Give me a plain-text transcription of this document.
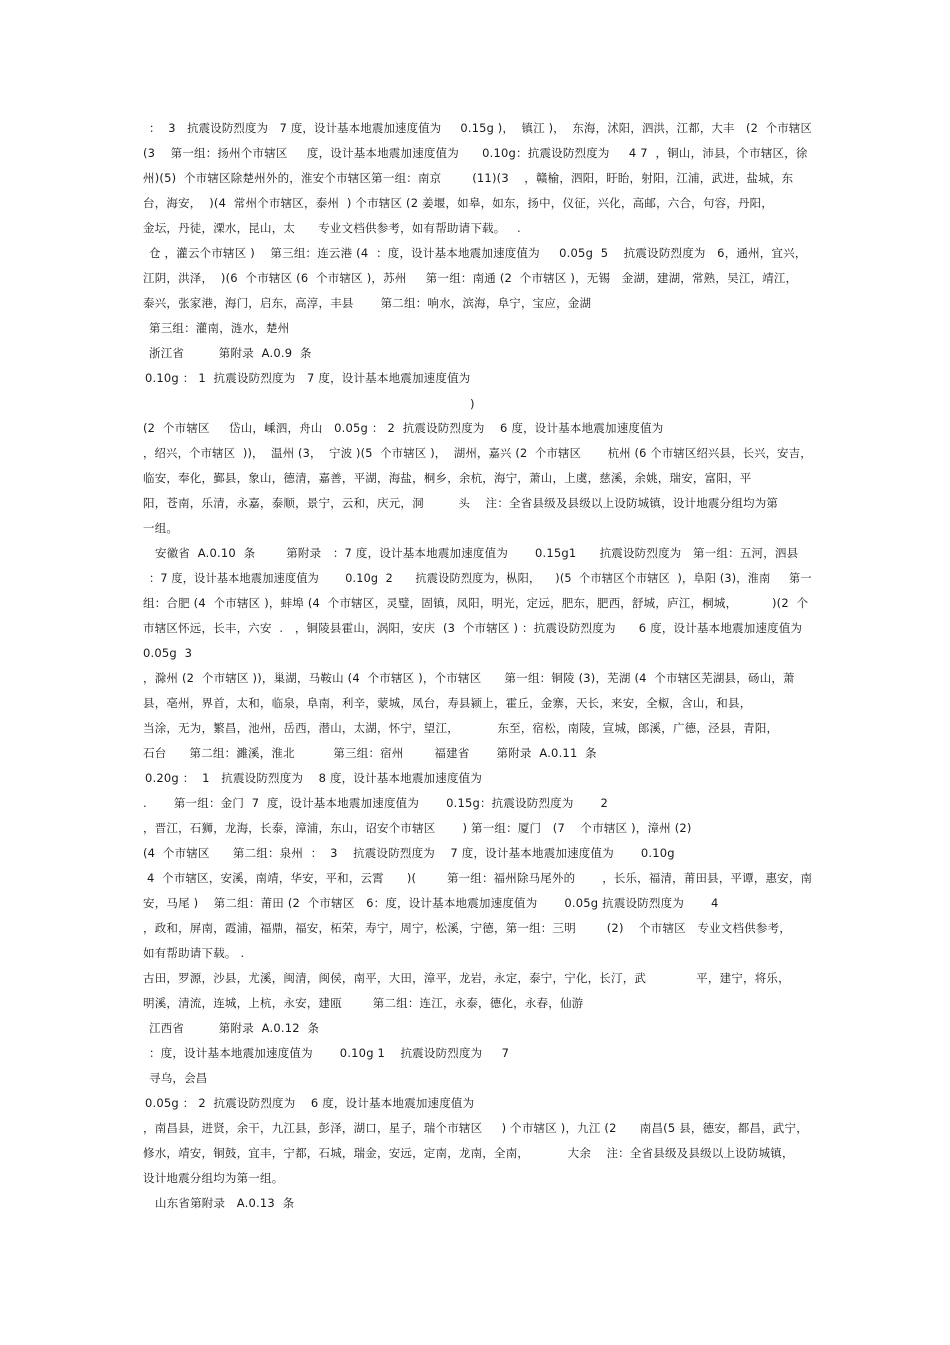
：  3   抗震设防烈度为   7 度，设计基本地震加速度值为     0.15g )，  镇江 )，  东海，沭阳，泗洪，江都，大丰   (2  个市辖区
(3    第一组：扬州个市辖区     度，设计基本地震加速度值为      0.10g：抗震设防烈度为     4 7  ，铜山，沛县，个市辖区，徐
州)(5)  个市辖区除楚州外的，淮安个市辖区第一组：南京        (11)(3    ，赣榆，泗阳，盱眙，射阳，江浦，武进，盐城，东
台，海安，  )(4  常州个市辖区，泰州  ) 个市辖区 (2 姜堰，如皋，如东，扬中，仪征，兴化，高邮，六合，句容，丹阳，
金坛，丹徒，溧水，昆山，太      专业文档供参考，如有帮助请下载。   .
仓 ，灌云个市辖区 )    第三组：连云港 (4  ：度，设计基本地震加速度值为     0.05g  5    抗震设防烈度为   6，通州，宜兴，
江阴，洪泽，  )(6  个市辖区 (6  个市辖区 )，苏州     第一组：南通 (2  个市辖区 )，无锡   金湖，建湖，常熟，吴江，靖江，
泰兴，张家港，海门，启东，高淳，丰县       第二组：响水，滨海，阜宁，宝应，金湖
第三组：灌南，涟水，楚州
浙江省         第附录  A.0.9  条
0.10g ： 1  抗震设防烈度为   7 度，设计基本地震加速度值为
)
(2  个市辖区     岱山，嵊泗，舟山   0.05g ： 2  抗震设防烈度为    6 度，设计基本地震加速度值为
，绍兴，个市辖区  ))，  温州 (3，  宁波 )(5  个市辖区 )，  湖州，嘉兴 (2  个市辖区       杭州 (6 个市辖区绍兴县，长兴，安吉，
临安，奉化，鄞县，象山，德清，嘉善，平湖，海盐，桐乡，余杭，海宁，萧山，上虞，慈溪，余姚，瑞安，富阳，平
阳，苍南，乐清，永嘉，泰顺，景宁，云和，庆元，洞         头    注：全省县级及县级以上设防城镇，设计地震分组均为第
一组。
安徽省  A.0.10  条        第附录   ：7 度，设计基本地震加速度值为       0.15g1      抗震设防烈度为   第一组：五河，泗县
：7 度，设计基本地震加速度值为       0.10g  2      抗震设防烈度为，枞阳，    )(5  个市辖区个市辖区  )，阜阳 (3)，淮南     第一
组：合肥 (4  个市辖区 )，蚌埠 (4  个市辖区，灵璧，固镇，凤阳，明光，定远，肥东，肥西，舒城，庐江，桐城，         )(2  个
市辖区怀远，长丰，六安  .   ，铜陵县霍山，涡阳，安庆  (3  个市辖区 ) ：抗震设防烈度为      6 度，设计基本地震加速度值为
0.05g  3
，滁州 (2  个市辖区 ))，巢湖，马鞍山 (4  个市辖区 )，个市辖区      第一组：铜陵 (3)，芜湖 (4  个市辖区芜湖县，砀山，萧
县，亳州，界首，太和，临泉，阜南，利辛，蒙城，凤台，寿县颍上，霍丘，金寨，天长，来安，全椒，含山，和县，
当涂，无为，繁昌，池州，岳西，潜山，太湖，怀宁，望江，          东至，宿松，南陵，宣城，郎溪，广德，泾县，青阳，
石台      第二组：濉溪，淮北          第三组：宿州        福建省       第附录  A.0.11  条
0.20g ：  1   抗震设防烈度为    8 度，设计基本地震加速度值为
.       第一组：金门  7  度，设计基本地震加速度值为       0.15g：抗震设防烈度为       2
，晋江，石狮，龙海，长泰，漳浦，东山，诏安个市辖区       ) 第一组：厦门   (7    个市辖区 )，漳州 (2)
(4  个市辖区      第二组：泉州  ：  3    抗震设防烈度为    7 度，设计基本地震加速度值为       0.10g
4  个市辖区，安溪，南靖，华安，平和，云霄      )(        第一组：福州除马尾外的       ，长乐，福清，莆田县，平谭，惠安，南
安，马尾 )    第二组：莆田 (2  个市辖区   6：度，设计基本地震加速度值为       0.05g 抗震设防烈度为       4
，政和，屏南，霞浦，福鼎，福安，柘荣，寿宁，周宁，松溪，宁德，第一组：三明        (2)    个市辖区   专业文档供参考，
如有帮助请下载。 .
古田，罗源，沙县，尤溪，闽清，闽侯，南平，大田，漳平，龙岩，永定，泰宁，宁化，长汀，武             平，建宁，将乐，
明溪，清流，连城，上杭，永安，建瓯        第二组：连江，永泰，德化，永春，仙游
江西省         第附录  A.0.12  条
：度，设计基本地震加速度值为       0.10g 1    抗震设防烈度为     7
寻乌，会昌
0.05g ： 2  抗震设防烈度为    6 度，设计基本地震加速度值为
，南昌县，进贤，余干，九江县，彭泽，湖口，星子，瑞个市辖区     ) 个市辖区 )，九江 (2      南昌(5 县，德安，都昌，武宁，
修水，靖安，铜鼓，宜丰，宁都，石城，瑞金，安远，定南，龙南，全南，          大余    注：全省县级及县级以上设防城镇，
设计地震分组均为第一组。
山东省第附录   A.0.13  条
